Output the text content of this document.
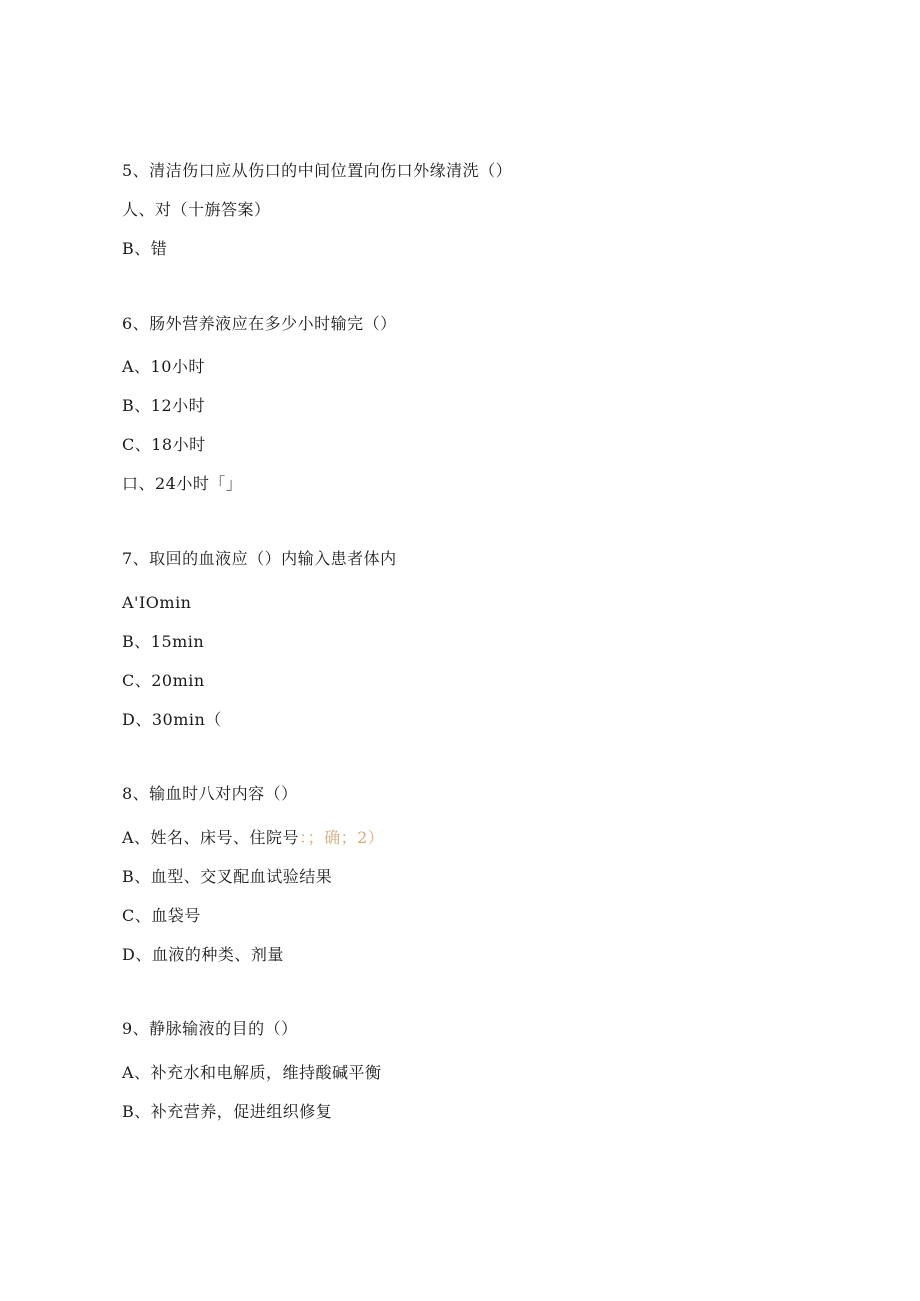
5、清洁伤口应从伤口的中间位置向伤口外缘清洗（）
人、对（十旃答案）
B、错
6、肠外营养液应在多少小时输完（）
A、10小时
B、12小时
C、18小时
口、24小时「」
7、取回的血液应（）内输入患者体内
A'IOmin
B、15min
C、20min
D、30min（
8、输血时八对内容（）
A、姓名、床号、住院号：；确；2）
B、血型、交叉配血试验结果
C、血袋号
D、血液的种类、剂量
9、静脉输液的目的（）
A、补充水和电解质，维持酸碱平衡
B、补充营养，促进组织修复
